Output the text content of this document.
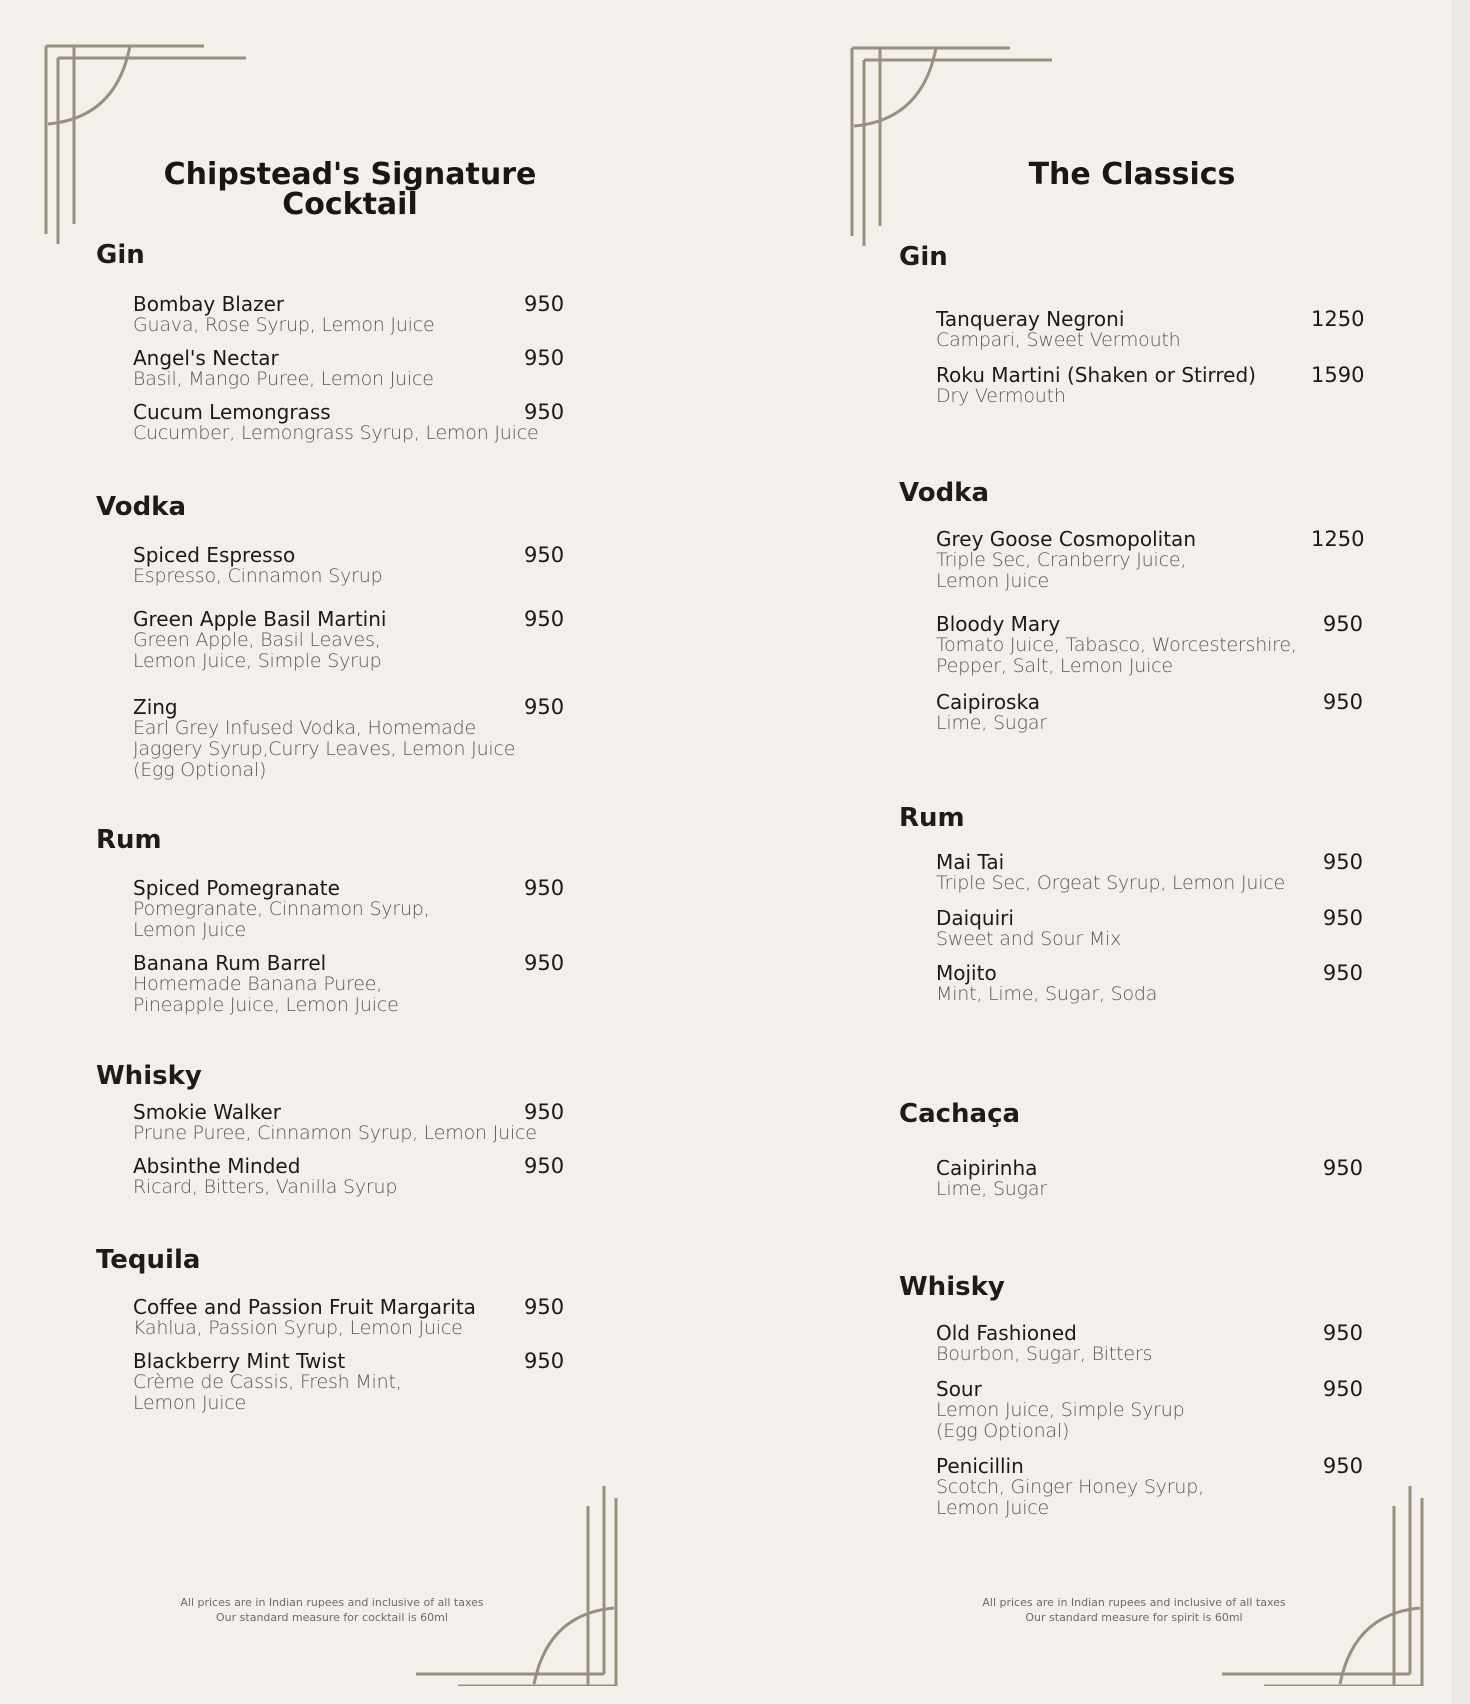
Chipstead's Signature
Cocktail
Gin
Bombay Blazer
Guava, Rose Syrup, Lemon Juice
950
Angel's Nectar
Basil, Mango Puree, Lemon Juice
950
Cucum Lemongrass
Cucumber, Lemongrass Syrup, Lemon Juice
950
Vodka
Spiced Espresso
Espresso, Cinnamon Syrup
950
Green Apple Basil Martini
Green Apple, Basil Leaves,
Lemon Juice, Simple Syrup
950
Zing
Earl Grey Infused Vodka, Homemade
Jaggery Syrup,Curry Leaves, Lemon Juice
(Egg Optional)
950
Rum
Spiced Pomegranate
Pomegranate, Cinnamon Syrup,
Lemon Juice
950
Banana Rum Barrel
Homemade Banana Puree,
Pineapple Juice, Lemon Juice
950
Whisky
Smokie Walker
Prune Puree, Cinnamon Syrup, Lemon Juice
950
Absinthe Minded
Ricard, Bitters, Vanilla Syrup
950
Tequila
Coffee and Passion Fruit Margarita
Kahlua, Passion Syrup, Lemon Juice
950
Blackberry Mint Twist
Crème de Cassis, Fresh Mint,
Lemon Juice
950
All prices are in Indian rupees and inclusive of all taxes
Our standard measure for cocktail is 60ml
The Classics
Gin
Tanqueray Negroni
Campari, Sweet Vermouth
1250
Roku Martini (Shaken or Stirred)
Dry Vermouth
1590
Vodka
Grey Goose Cosmopolitan
Triple Sec, Cranberry Juice,
Lemon Juice
1250
Bloody Mary
Tomato Juice, Tabasco, Worcestershire,
Pepper, Salt, Lemon Juice
950
Caipiroska
Lime, Sugar
950
Rum
Mai Tai
Triple Sec, Orgeat Syrup, Lemon Juice
950
Daiquiri
Sweet and Sour Mix
950
Mojito
Mint, Lime, Sugar, Soda
950
Cachaça
Caipirinha
Lime, Sugar
950
Whisky
Old Fashioned
Bourbon, Sugar, Bitters
950
Sour
Lemon Juice, Simple Syrup
(Egg Optional)
950
Penicillin
Scotch, Ginger Honey Syrup,
Lemon Juice
950
All prices are in Indian rupees and inclusive of all taxes
Our standard measure for spirit is 60ml
